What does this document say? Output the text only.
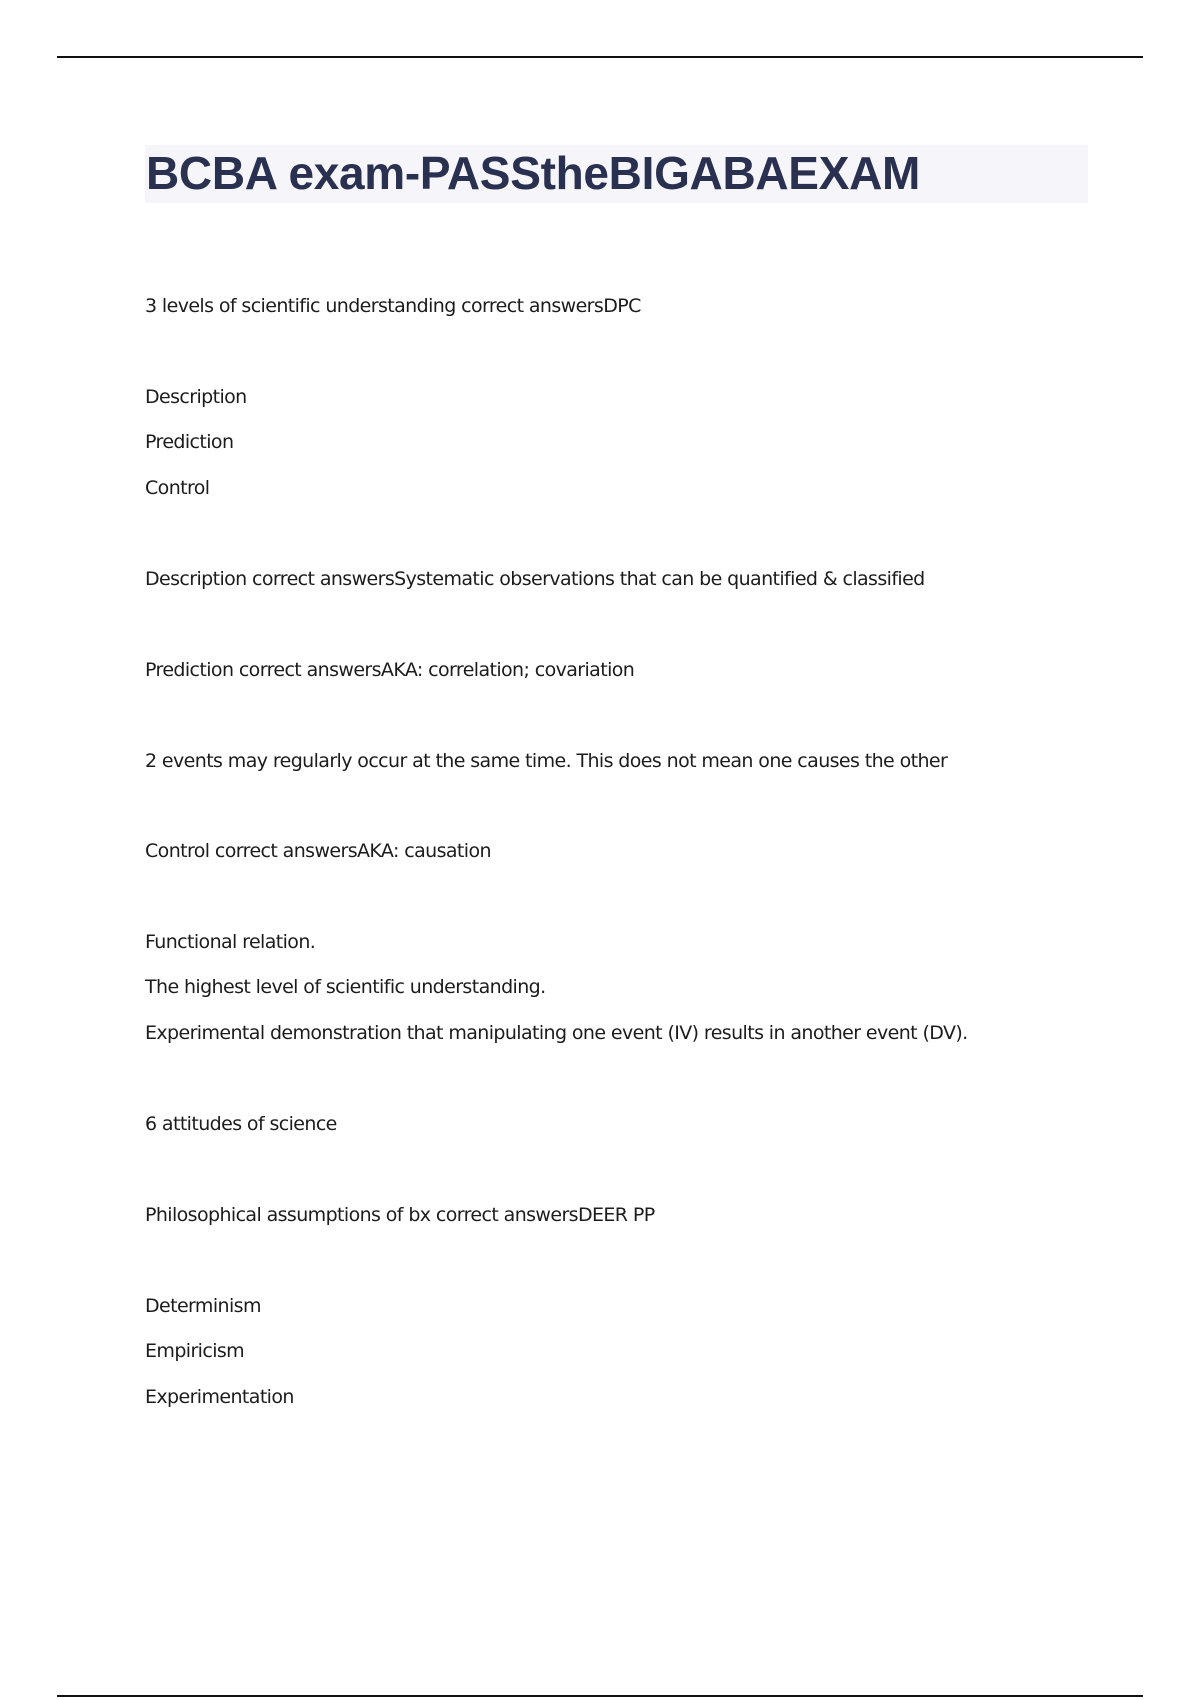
BCBA exam-PASStheBIGABAEXAM

3 levels of scientific understanding correct answersDPC

Description

Prediction

Control

Description correct answersSystematic observations that can be quantified & classified

Prediction correct answersAKA: correlation; covariation

2 events may regularly occur at the same time. This does not mean one causes the other

Control correct answersAKA: causation

Functional relation.

The highest level of scientific understanding.

Experimental demonstration that manipulating one event (IV) results in another event (DV).

6 attitudes of science

Philosophical assumptions of bx correct answersDEER PP

Determinism

Empiricism

Experimentation
